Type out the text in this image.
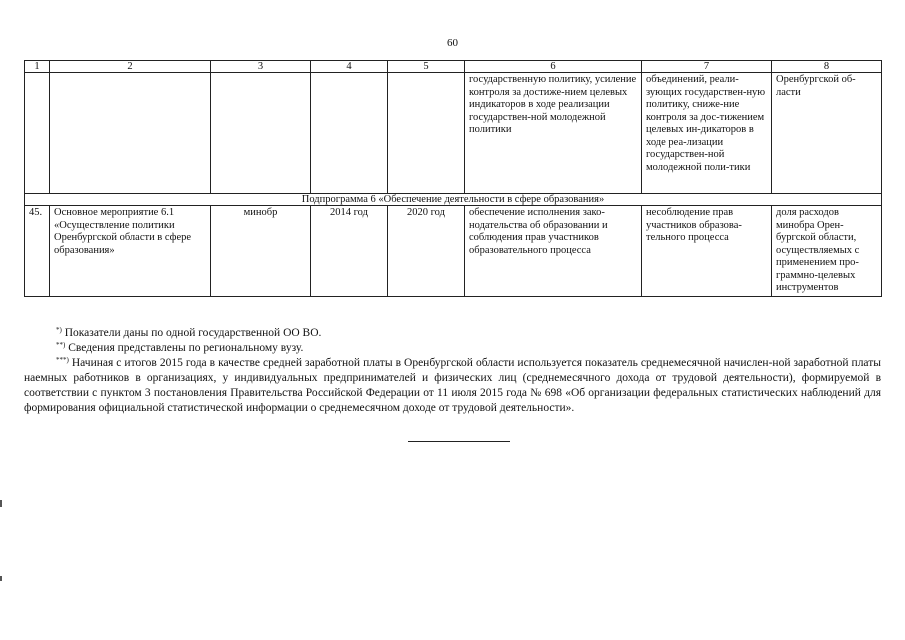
60
1	2	3	4	5	6	7	8
					государственную политику, усиление контроля за достиже-нием целевых индикаторов в ходе реализации государствен-ной молодежной политики	объединений, реали-зующих государствен-ную политику, сниже-ние контроля за дос-тижением целевых ин-дикаторов в ходе реа-лизации государствен-ной молодежной поли-тики	Оренбургской об-ласти
Подпрограмма 6 «Обеспечение деятельности в сфере образования»							
45.	Основное мероприятие 6.1 «Осуществление политики Оренбургской области в сфере образования»	минобр	2014 год	2020 год	обеспечение исполнения зако-нодательства об образовании и соблюдения прав участников образовательного процесса	несоблюдение прав участников образова-тельного процесса	доля расходов минобра Орен-бургской области, осуществляемых с применением про-граммно-целевых инструментов

*) Показатели даны по одной государственной ОО ВО.

**) Сведения представлены по региональному вузу.

***) Начиная с итогов 2015 года в качестве средней заработной платы в Оренбургской области используется показатель среднемесячной начислен-ной заработной платы наемных работников в организациях, у индивидуальных предпринимателей и физических лиц (среднемесячного дохода от трудовой деятельности), формируемой в соответствии с пунктом 3 постановления Правительства Российской Федерации от 11 июля 2015 года № 698 «Об организации федеральных статистических наблюдений для формирования официальной статистической информации о среднемесячном доходе от трудовой деятельности».
